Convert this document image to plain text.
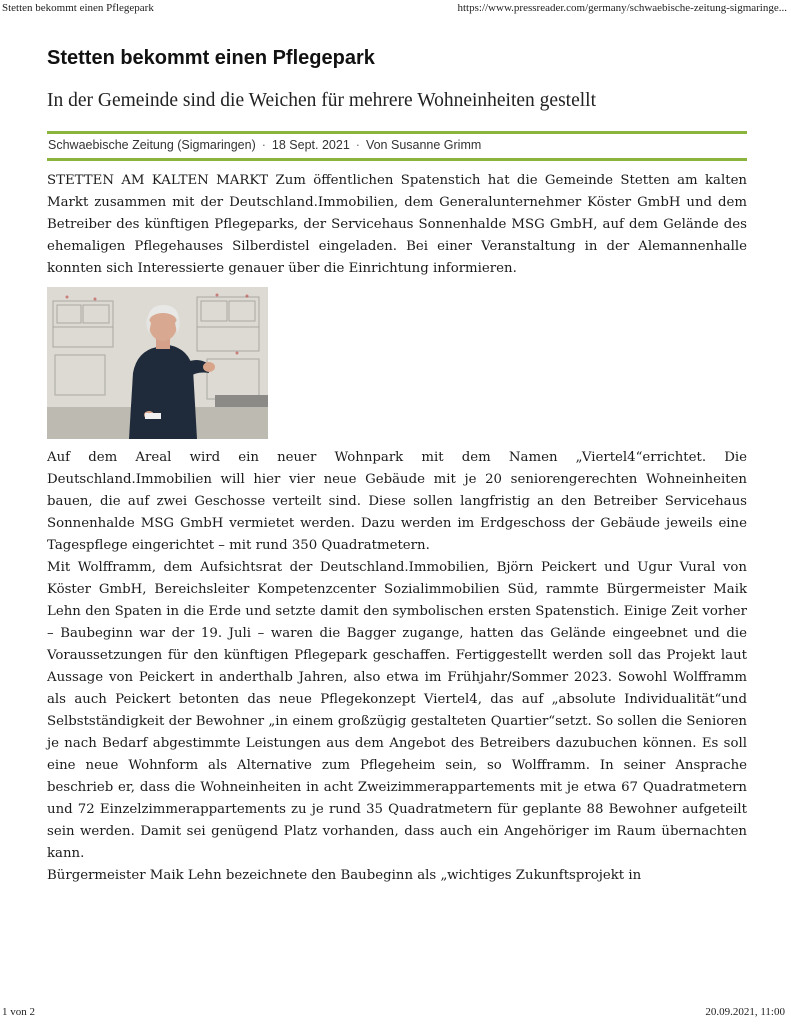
Stetten bekommt einen Pflegepark	https://www.pressreader.com/germany/schwaebische-zeitung-sigmaringe...
Stetten bekommt einen Pflegepark
In der Gemeinde sind die Weichen für mehrere Wohneinheiten gestellt
Schwaebische Zeitung (Sigmaringen) · 18 Sept. 2021 · Von Susanne Grimm

STETTEN AM KALTEN MARKT Zum öffentlichen Spatenstich hat die Gemeinde Stetten am kalten Markt zusammen mit der Deutschland.Immobilien, dem Generalunternehmer Köster GmbH und dem Betreiber des künftigen Pflegeparks, der Servicehaus Sonnenhalde MSG GmbH, auf dem Gelände des ehemaligen Pflegehauses Silberdistel eingeladen. Bei einer Veranstaltung in der Alemannenhalle konnten sich Interessierte genauer über die Einrichtung informieren.

Auf dem Areal wird ein neuer Wohnpark mit dem Namen „Viertel4“errichtet. Die Deutschland.Immobilien will hier vier neue Gebäude mit je 20 seniorengerechten Wohneinheiten bauen, die auf zwei Geschosse verteilt sind. Diese sollen langfristig an den Betreiber Servicehaus Sonnenhalde MSG GmbH vermietet werden. Dazu werden im Erdgeschoss der Gebäude jeweils eine Tagespflege eingerichtet – mit rund 350 Quadratmetern.

Mit Wolfframm, dem Aufsichtsrat der Deutschland.Immobilien, Björn Peickert und Ugur Vural von Köster GmbH, Bereichsleiter Kompetenzcenter Sozialimmobilien Süd, rammte Bürgermeister Maik Lehn den Spaten in die Erde und setzte damit den symbolischen ersten Spatenstich. Einige Zeit vorher – Baubeginn war der 19. Juli – waren die Bagger zugange, hatten das Gelände eingeebnet und die Voraussetzungen für den künftigen Pflegepark geschaffen. Fertiggestellt werden soll das Projekt laut Aussage von Peickert in anderthalb Jahren, also etwa im Frühjahr/Sommer 2023. Sowohl Wolfframm als auch Peickert betonten das neue Pflegekonzept Viertel4, das auf „absolute Individualität“und Selbstständigkeit der Bewohner „in einem großzügig gestalteten Quartier“setzt. So sollen die Senioren je nach Bedarf abgestimmte Leistungen aus dem Angebot des Betreibers dazubuchen können. Es soll eine neue Wohnform als Alternative zum Pflegeheim sein, so Wolfframm. In seiner Ansprache beschrieb er, dass die Wohneinheiten in acht Zweizimmerappartements mit je etwa 67 Quadratmetern und 72 Einzelzimmerappartements zu je rund 35 Quadratmetern für geplante 88 Bewohner aufgeteilt sein werden. Damit sei genügend Platz vorhanden, dass auch ein Angehöriger im Raum übernachten kann.

Bürgermeister Maik Lehn bezeichnete den Baubeginn als „wichtiges Zukunftsprojekt in

1 von 2	20.09.2021, 11:00
